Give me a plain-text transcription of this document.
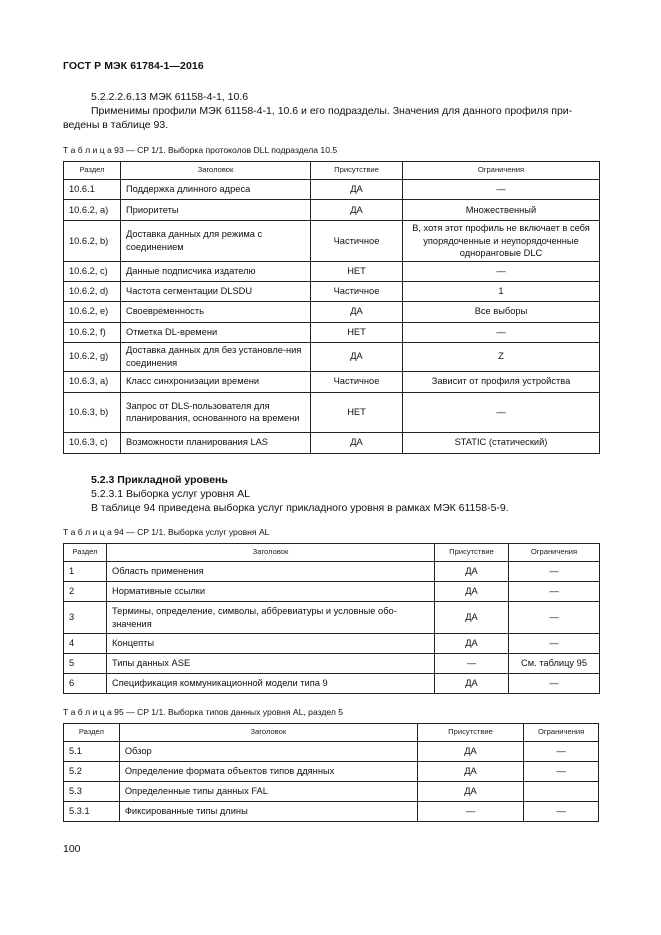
ГОСТ Р МЭК 61784-1—2016
5.2.2.2.6.13 МЭК 61158-4-1, 10.6
Применимы профили МЭК 61158-4-1, 10.6 и его подразделы. Значения для данного профиля при-
ведены в таблице 93.
Т а б л и ц а 93 — CP 1/1. Выборка протоколов DLL подраздела 10.5
Раздел	Заголовок	Присутствие	Ограничения
10.6.1	Поддержка длинного адреса	ДА	—
10.6.2, a)	Приоритеты	ДА	Множественный
10.6.2, b)	Доставка данных для режима с соединением	Частичное	В, хотя этот профиль не включает в себя упорядоченные и неупорядоченные одноранговые DLC
10.6.2, c)	Данные подписчика издателю	НЕТ	—
10.6.2, d)	Частота сегментации DLSDU	Частичное	1
10.6.2, e)	Своевременность	ДА	Все выборы
10.6.2, f)	Отметка DL-времени	НЕТ	—
10.6.2, g)	Доставка данных для без установле-ния соединения	ДА	Z
10.6.3, a)	Класс синхронизации времени	Частичное	Зависит от профиля устройства
10.6.3, b)	Запрос от DLS-пользователя для планирования, основанного на времени	НЕТ	—
10.6.3, c)	Возможности планирования LAS	ДА	STATIC (статический)
5.2.3 Прикладной уровень
5.2.3.1 Выборка услуг уровня AL
В таблице 94 приведена выборка услуг прикладного уровня в рамках МЭК 61158-5-9.
Т а б л и ц а 94 — CP 1/1. Выборка услуг уровня AL
Раздел	Заголовок	Присутствие	Ограничения
1	Область применения	ДА	—
2	Нормативные ссылки	ДА	—
3	Термины, определение, символы, аббревиатуры и условные обо-значения	ДА	—
4	Концепты	ДА	—
5	Типы данных ASE	—	См. таблицу 95
6	Спецификация коммуникационной модели типа 9	ДА	—
Т а б л и ц а 95 — CP 1/1. Выборка типов данных уровня AL, раздел 5
Раздел	Заголовок	Присутствие	Ограничения
5.1	Обзор	ДА	—
5.2	Определение формата объектов типов ддянных	ДА	—
5.3	Определенные типы данных FAL	ДА	
5.3.1	Фиксированные типы длины	—	—
100
